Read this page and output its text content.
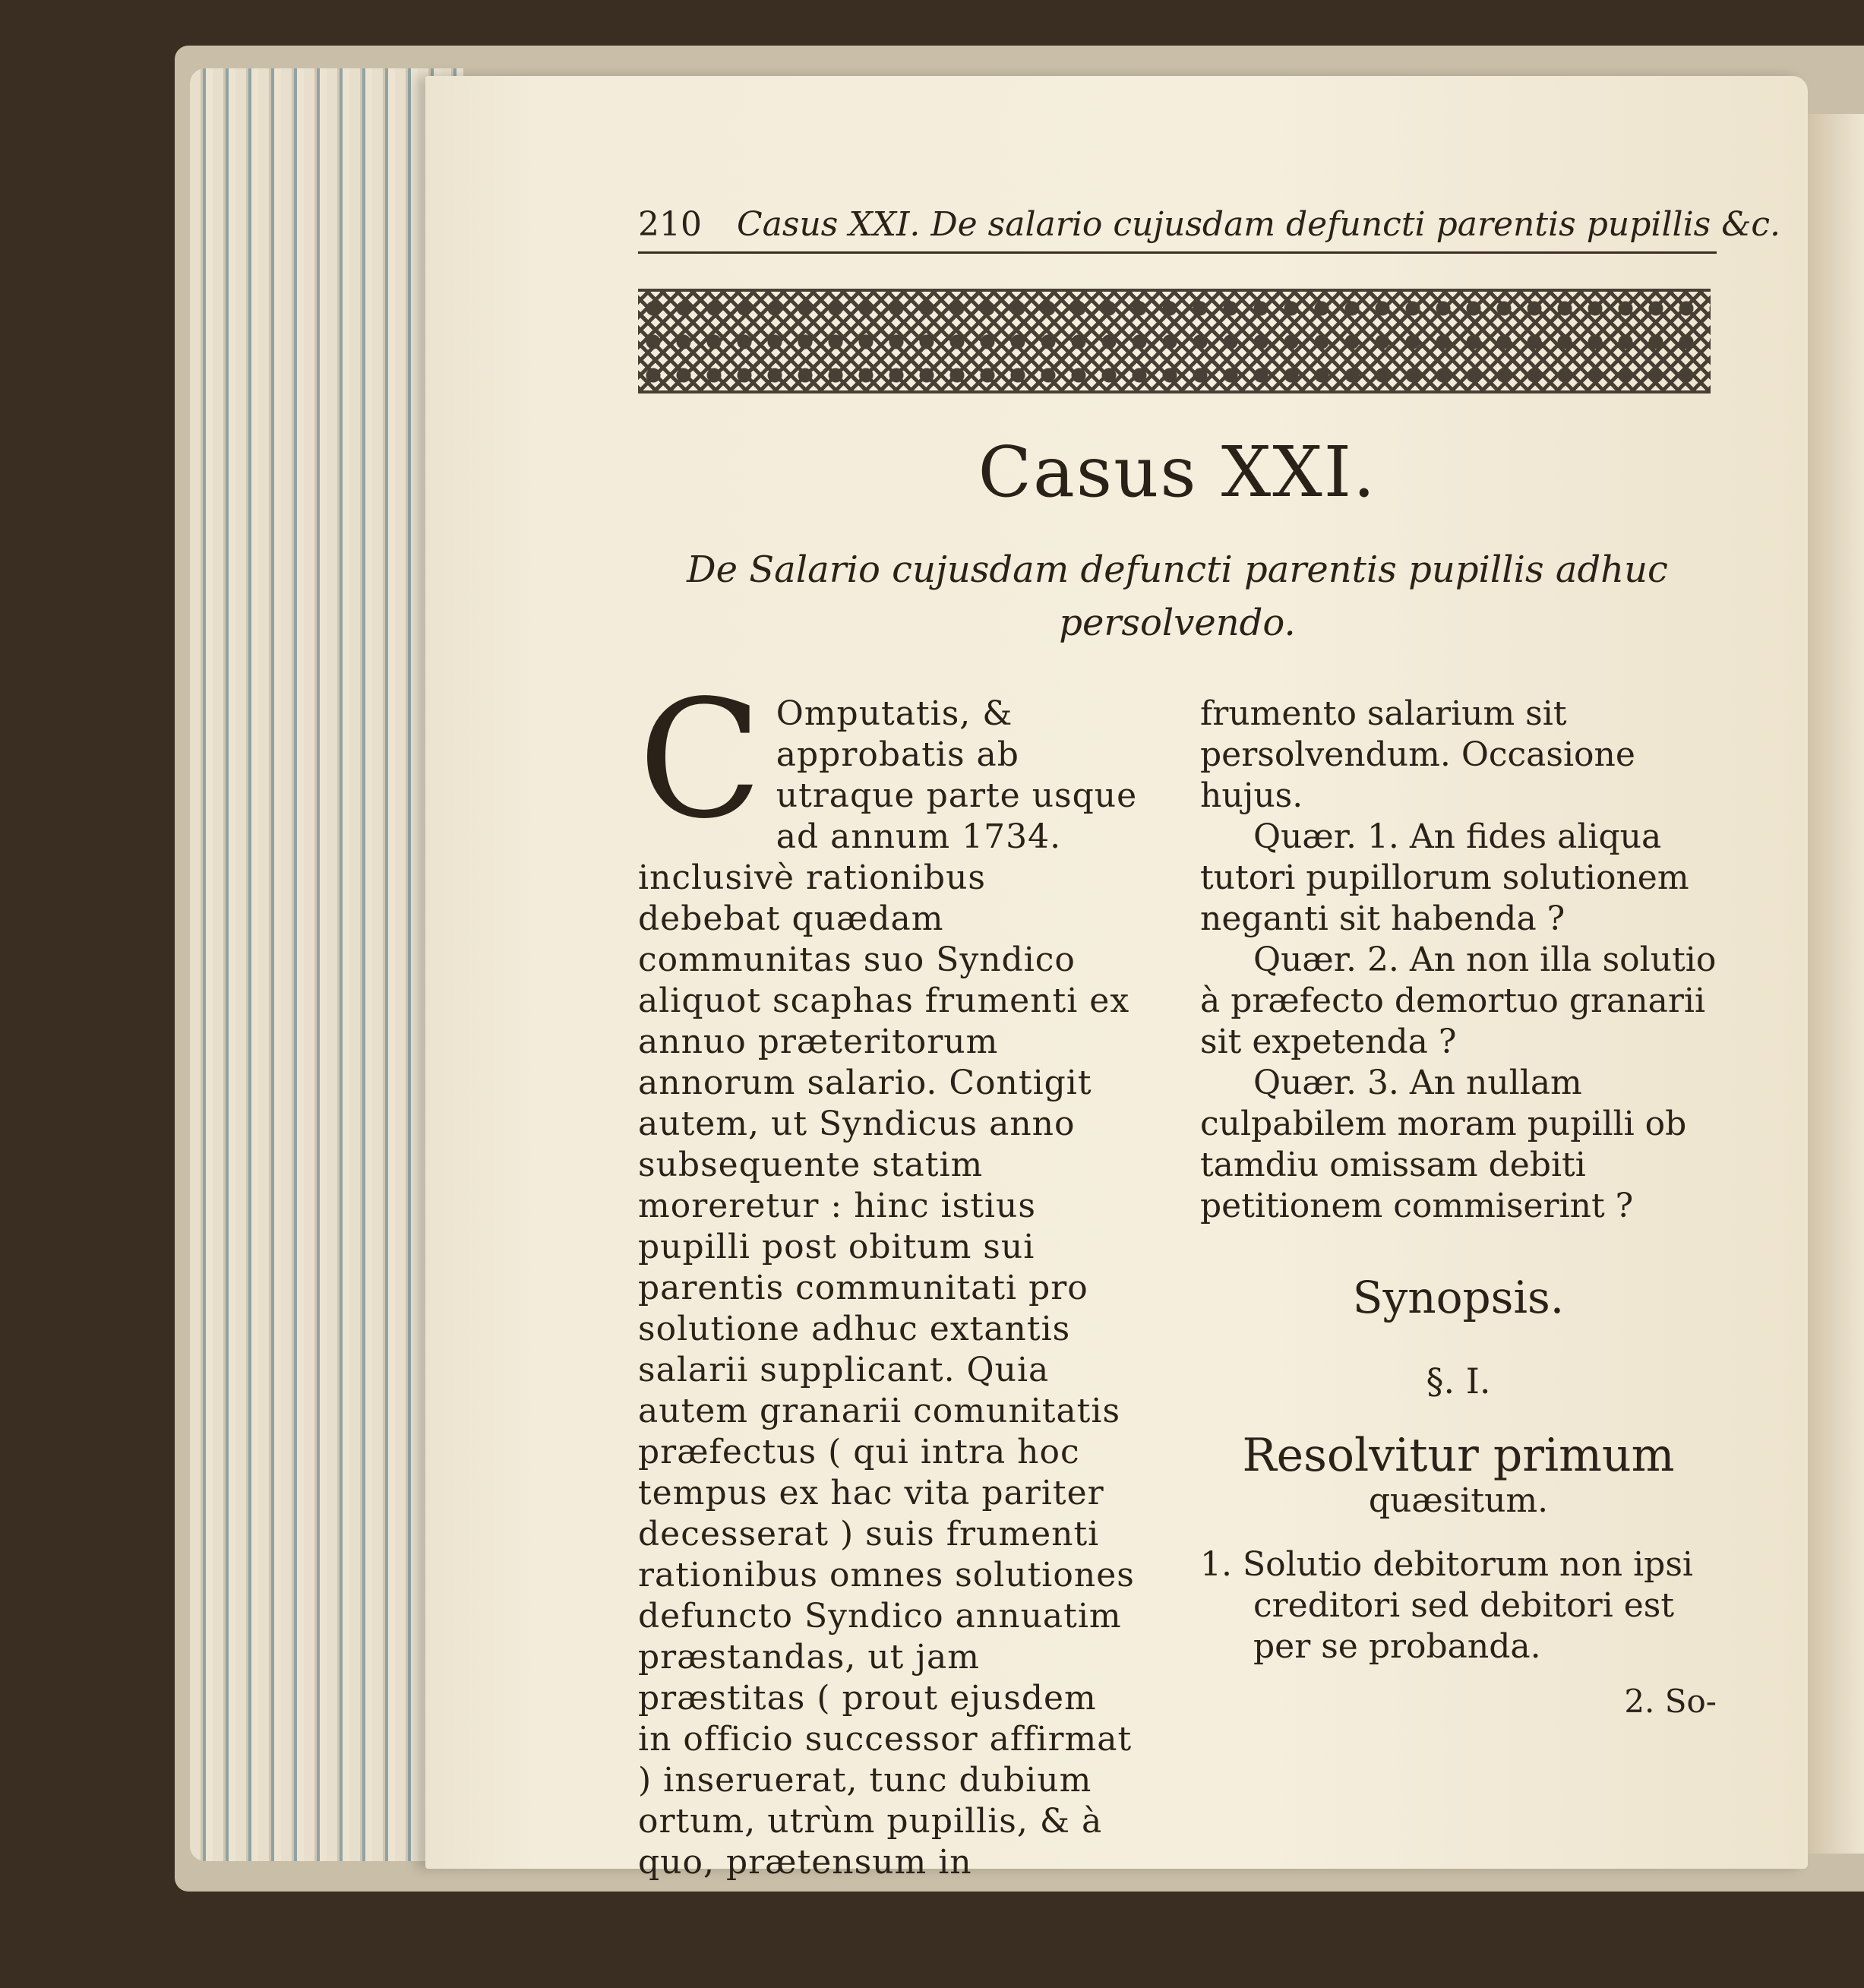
210 Casus XXI. De salario cujusdam defuncti parentis pupillis &c.
Casus XXI.
De Salario cujusdam defuncti parentis pupillis adhuc persolvendo.
C Omputatis, & approbatis ab utraque parte usque ad annum 1734. inclusivè rationibus debebat quædam communitas suo Syndico aliquot scaphas frumenti ex annuo præteritorum annorum salario. Contigit autem, ut Syndicus anno subsequente statim moreretur : hinc istius pupilli post obitum sui parentis communitati pro solutione adhuc extantis salarii supplicant. Quia autem granarii comunitatis præfectus ( qui intra hoc tempus ex hac vita pariter decesserat ) suis frumenti rationibus omnes solutiones defuncto Syndico annuatim præstandas, ut jam præstitas ( prout ejusdem in officio successor affirmat ) inseruerat, tunc dubium ortum, utrùm pupillis, & à quo, prætensum in
frumento salarium sit persolvendum. Occasione hujus.
Quær. 1. An fides aliqua tutori pupillorum solutionem neganti sit habenda ?
Quær. 2. An non illa solutio à præfecto demortuo granarii sit expetenda ?
Quær. 3. An nullam culpabilem moram pupilli ob tamdiu omissam debiti petitionem commiserint ?
Synopsis.
§. I.
Resolvitur primum
quæsitum.
1. Solutio debitorum non ipsi creditori sed debitori est per se probanda.
2. So-
